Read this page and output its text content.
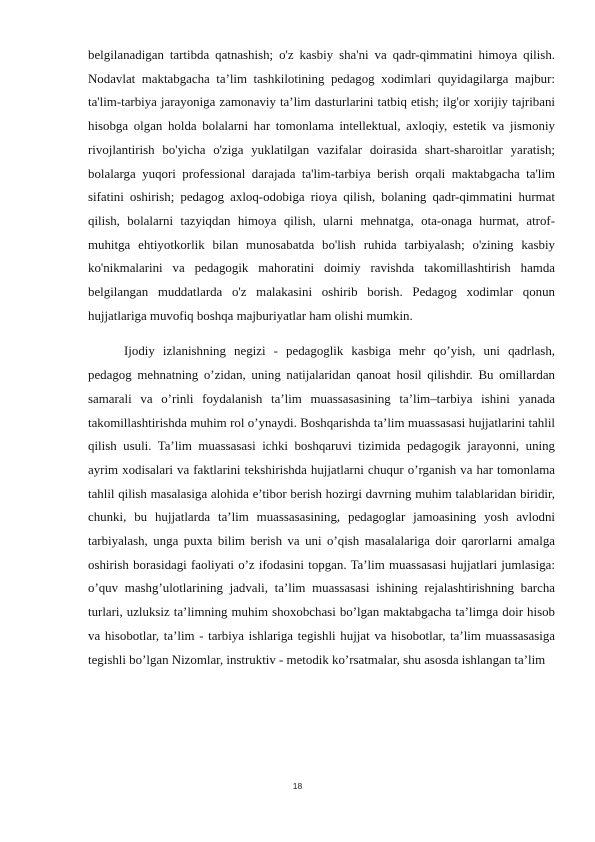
belgilanadigan tartibda qatnashish; o'z kasbiy sha'ni va qadr-qimmatini himoya qilish. Nodavlat maktabgacha ta’lim tashkilotining pedagog xodimlari quyidagilarga majbur: ta'lim-tarbiya jarayoniga zamonaviy ta’lim dasturlarini tatbiq etish; ilg'or xorijiy tajribani hisobga olgan holda bolalarni har tomonlama intellektual, axloqiy, estetik va jismoniy rivojlantirish bo'yicha o'ziga yuklatilgan vazifalar doirasida shart-sharoitlar yaratish; bolalarga yuqori professional darajada ta'lim-tarbiya berish orqali maktabgacha ta'lim sifatini oshirish; pedagog axloq-odobiga rioya qilish, bolaning qadr-qimmatini hurmat qilish, bolalarni tazyiqdan himoya qilish, ularni mehnatga, ota-onaga hurmat, atrof-muhitga ehtiyotkorlik bilan munosabatda bo'lish ruhida tarbiyalash; o'zining kasbiy ko'nikmalarini va pedagogik mahoratini doimiy ravishda takomillashtirish hamda belgilangan muddatlarda o'z malakasini oshirib borish. Pedagog xodimlar qonun hujjatlariga muvofiq boshqa majburiyatlar ham olishi mumkin.

Ijodiy izlanishning negizi - pedagoglik kasbiga mehr qo’yish, uni qadrlash, pedagog mehnatning o’zidan, uning natijalaridan qanoat hosil qilishdir. Bu omillardan samarali va o’rinli foydalanish ta’lim muassasasining ta’lim–tarbiya ishini yanada takomillashtirishda muhim rol o’ynaydi. Boshqarishda ta’lim muassasasi hujjatlarini tahlil qilish usuli. Ta’lim muassasasi ichki boshqaruvi tizimida pedagogik jarayonni, uning ayrim xodisalari va faktlarini tekshirishda hujjatlarni chuqur o’rganish va har tomonlama tahlil qilish masalasiga alohida e’tibor berish hozirgi davrning muhim talablaridan biridir, chunki, bu hujjatlarda ta’lim muassasasining, pedagoglar jamoasining yosh avlodni tarbiyalash, unga puxta bilim berish va uni o’qish masalalariga doir qarorlarni amalga oshirish borasidagi faoliyati o’z ifodasini topgan. Ta’lim muassasasi hujjatlari jumlasiga: o’quv mashg’ulotlarining jadvali, ta’lim muassasasi ishining rejalashtirishning barcha turlari, uzluksiz ta’limning muhim shoxobchasi bo’lgan maktabgacha ta’limga doir hisob va hisobotlar, ta’lim - tarbiya ishlariga tegishli hujjat va hisobotlar, ta’lim muassasasiga tegishli bo’lgan Nizomlar, instruktiv - metodik ko’rsatmalar, shu asosda ishlangan ta’lim

18
